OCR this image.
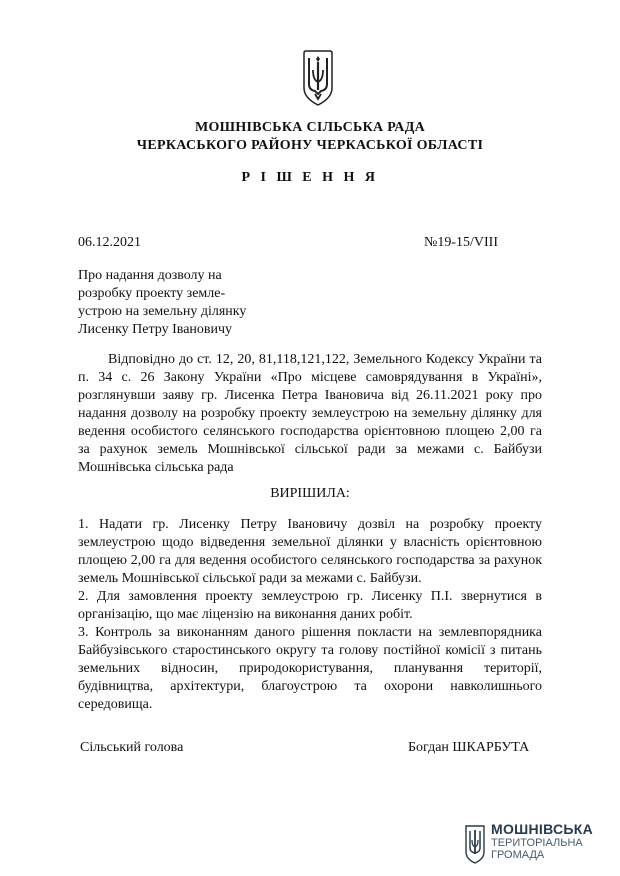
МОШНІВСЬКА СІЛЬСЬКА РАДА
ЧЕРКАСЬКОГО РАЙОНУ ЧЕРКАСЬКОЇ ОБЛАСТІ
Р І Ш Е Н Н Я
06.12.2021	№19-15/VIII
Про надання дозволу на
розробку проекту земле-
устрою на земельну ділянку
Лисенку Петру Івановичу
Відповідно до ст. 12, 20, 81,118,121,122, Земельного Кодексу України та п. 34 с. 26 Закону України «Про місцеве самоврядування в Україні», розглянувши заяву гр. Лисенка Петра Івановича від 26.11.2021 року про надання дозволу на розробку проекту землеустрою на земельну ділянку для ведення особистого селянського господарства орієнтовною площею 2,00 га за рахунок земель Мошнівської сільської ради за межами с. Байбузи Мошнівська сільська рада
ВИРІШИЛА:

1. Надати гр. Лисенку Петру Івановичу дозвіл на розробку проекту землеустрою щодо відведення земельної ділянки у власність орієнтовною площею 2,00 га для ведення особистого селянського господарства за рахунок земель Мошнівської сільської ради за межами с. Байбузи.

2. Для замовлення проекту землеустрою гр. Лисенку П.І. звернутися в організацію, що має ліцензію на виконання даних робіт.

3. Контроль за виконанням даного рішення покласти на землевпорядника Байбузівського старостинського округу та голову постійної комісії з питань земельних відносин, природокористування, планування території, будівництва, архітектури, благоустрою та охорони навколишнього середовища.

Сільський голова	Богдан ШКАРБУТА
МОШНІВСЬКА
ТЕРИТОРІАЛЬНА
ГРОМАДА
